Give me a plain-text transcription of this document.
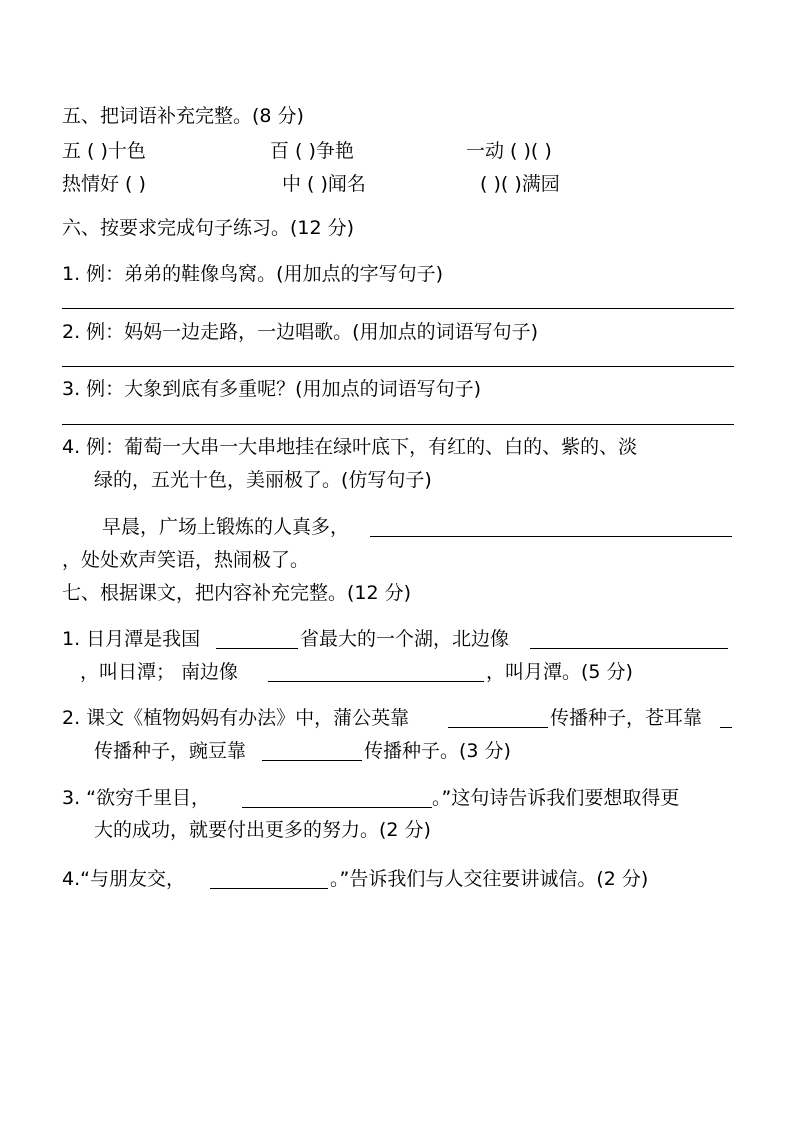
五、把词语补充完整。(8 分)
五 ( )十色	百 ( )争艳	一动 ( )( )
热情好 ( )	中 ( )闻名	( )( )满园
六、按要求完成句子练习。(12 分)
1. 例：弟弟的鞋像鸟窝。(用加点的字写句子)
2. 例：妈妈一边走路，一边唱歌。(用加点的词语写句子)
3. 例：大象到底有多重呢？(用加点的词语写句子)
4. 例：葡萄一大串一大串地挂在绿叶底下，有红的、白的、紫的、淡
绿的，五光十色，美丽极了。(仿写句子)
早晨，广场上锻炼的人真多，
，处处欢声笑语，热闹极了。
七、根据课文，把内容补充完整。(12 分)
1. 日月潭是我国	省最大的一个湖，北边像
，叫日潭； 南边像	，叫月潭。(5 分)
2. 课文《植物妈妈有办法》中，蒲公英靠	传播种子，苍耳靠
传播种子，豌豆靠	传播种子。(3 分)
3. “欲穷千里目，	。”这句诗告诉我们要想取得更
大的成功，就要付出更多的努力。(2 分)
4.“与朋友交，	。”告诉我们与人交往要讲诚信。(2 分)
